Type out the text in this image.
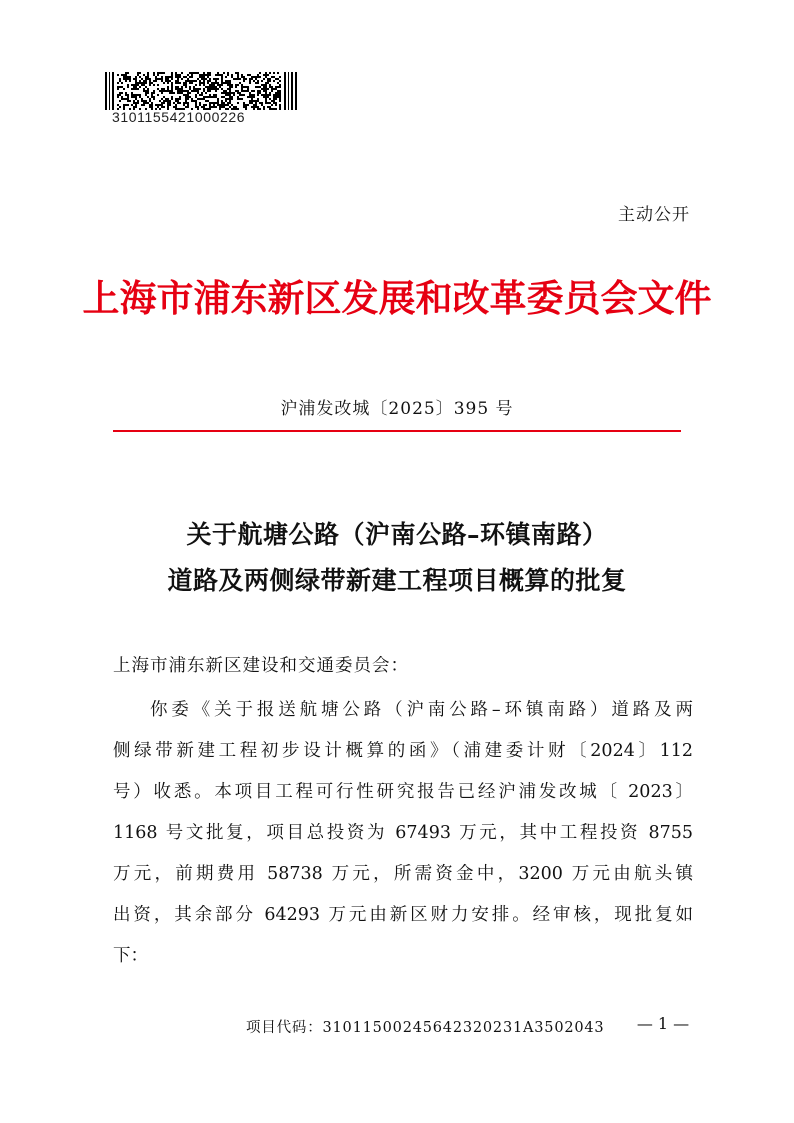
3101155421000226
主动公开
上海市浦东新区发展和改革委员会文件
沪浦发改城〔2025〕395 号
关于航塘公路（沪南公路–环镇南路）
道路及两侧绿带新建工程项目概算的批复
上海市浦东新区建设和交通委员会：
你委《关于报送航塘公路（沪南公路–环镇南路）道路及两
侧绿带新建工程初步设计概算的函》（浦建委计财〔2024〕112
号）收悉。本项目工程可行性研究报告已经沪浦发改城〔 2023〕
1168 号文批复，项目总投资为 67493 万元，其中工程投资 8755
万元，前期费用 58738 万元，所需资金中，3200 万元由航头镇
出资，其余部分 64293 万元由新区财力安排。经审核，现批复如
下：
项目代码：31011500245642320231A3502043	— 1 —
